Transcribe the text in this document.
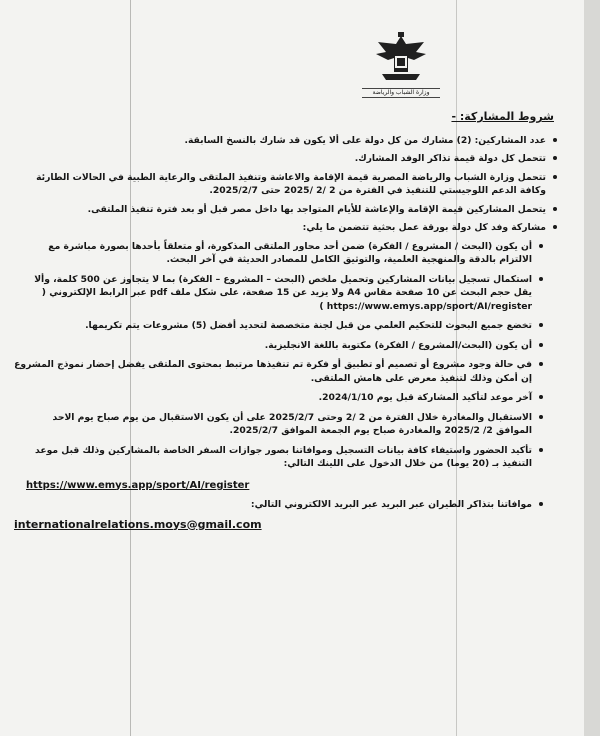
وزارة الشباب والرياضة
شروط المشاركة: -
عدد المشاركين: (2) مشارك من كل دولة على ألا يكون قد شارك بالنسخ السابقة.
تتحمل كل دولة قيمة تذاكر الوفد المشارك.
تتحمل وزارة الشباب والرياضة المصرية قيمة الإقامة والاعاشة وتنفيذ الملتقى والرعاية الطبية في الحالات الطارئة وكافة الدعم اللوجيستي للتنفيذ في الفترة من 2 /2 /2025 حتى 2025/2/7.
يتحمل المشاركين قيمة الإقامة والإعاشة للأيام المتواجد بها داخل مصر قبل أو بعد فترة تنفيذ الملتقى.
مشاركة وفد كل دولة بورقة عمل بحثية تتضمن ما يلي:
أن يكون (البحث / المشروع / الفكرة) ضمن أحد محاور الملتقى المذكورة، أو متعلقاً بأحدها بصورة مباشرة مع الالتزام بالدقة والمنهجية العلمية، والتوثيق الكامل للمصادر الحديثة في آخر البحث.
استكمال تسجيل بيانات المشاركين وتحميل ملخص (البحث – المشروع – الفكرة) بما لا يتجاوز عن 500 كلمة، وألا يقل حجم البحث عن 10 صفحة مقاس A4 ولا يزيد عن 15 صفحة، على شكل ملف pdf عبر الرابط الإلكتروني ( https://www.emys.app/sport/AI/register )
تخضع جميع البحوث للتحكيم العلمي من قبل لجنة متخصصة لتحديد أفضل (5) مشروعات يتم تكريمها.
أن يكون (البحث/المشروع / الفكرة) مكتوبة باللغة الانجليزية.
في حالة وجود مشروع أو تصميم أو تطبيق أو فكرة تم تنفيذها مرتبط بمحتوى الملتقى يفضل إحضار نموذج المشروع إن أمكن وذلك لتنفيذ معرض على هامش الملتقى.
آخر موعد لتأكيد المشاركة قبل يوم 2024/1/10.
الاستقبال والمغادرة خلال الفترة من 2 /2 وحتى 2025/2/7 على أن يكون الاستقبال من يوم صباح يوم الاحد الموافق 2/ 2025/2 والمغادرة صباح يوم الجمعة الموافق 2025/2/7.
تأكيد الحضور واستيفاء كافة بيانات التسجيل وموافاتنا بصور جوازات السفر الخاصة بالمشاركين وذلك قبل موعد التنفيذ بـ (20 يوما) من خلال الدخول على اللينك التالي:
https://www.emys.app/sport/AI/register
موافاتنا بتذاكر الطيران عبر البريد عبر البريد الالكتروني التالي:
internationalrelations.moys@gmail.com
